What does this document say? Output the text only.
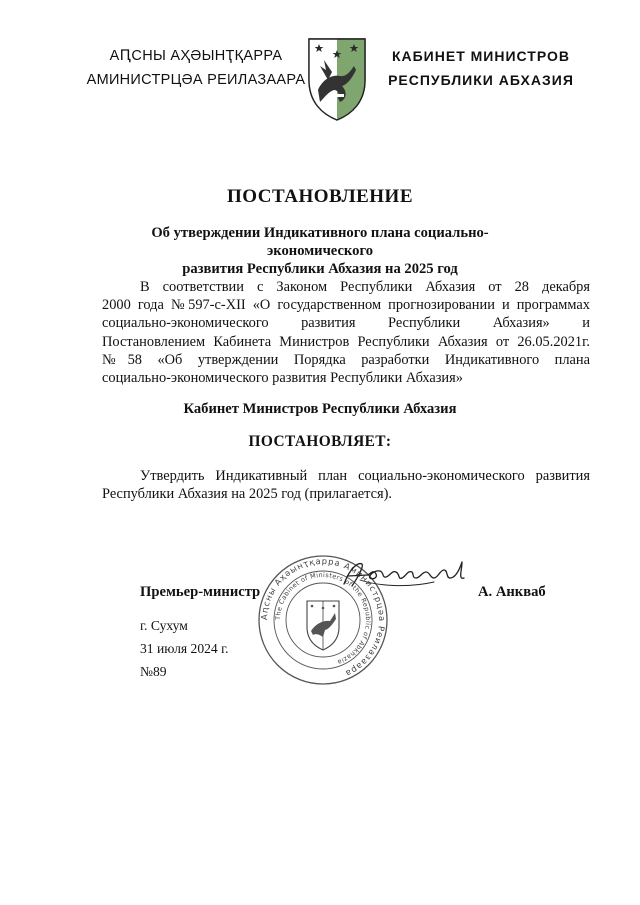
АԤСНЫ АҲӘЫНҬҚАРРА
АМИНИСТРЦӘА РЕИЛАЗААРА
КАБИНЕТ МИНИСТРОВ
РЕСПУБЛИКИ АБХАЗИЯ
ПОСТАНОВЛЕНИЕ
Об утверждении Индикативного плана социально-экономического
развития Республики Абхазия на 2025 год
В соответствии с Законом Республики Абхазия от 28 декабря
2000 года №597-с-XII «О государственном прогнозировании и программах
социально-экономического развития Республики Абхазия» и
Постановлением Кабинета Министров Республики Абхазия от 26.05.2021г.
№58 «Об утверждении Порядка разработки Индикативного плана
социально-экономического развития Республики Абхазия»
Кабинет Министров Республики Абхазия
ПОСТАНОВЛЯЕТ:
Утвердить Индикативный план социально-экономического развития
Республики Абхазия на 2025 год (прилагается).
Аԥсны Аҳәынҭқарра Аминистрцәа Реилазаара
The Cabinet of Ministers of the Republic of Abkhazia
Премьер-министр	А. Анкваб
г. Сухум
31 июля 2024 г.
№89
